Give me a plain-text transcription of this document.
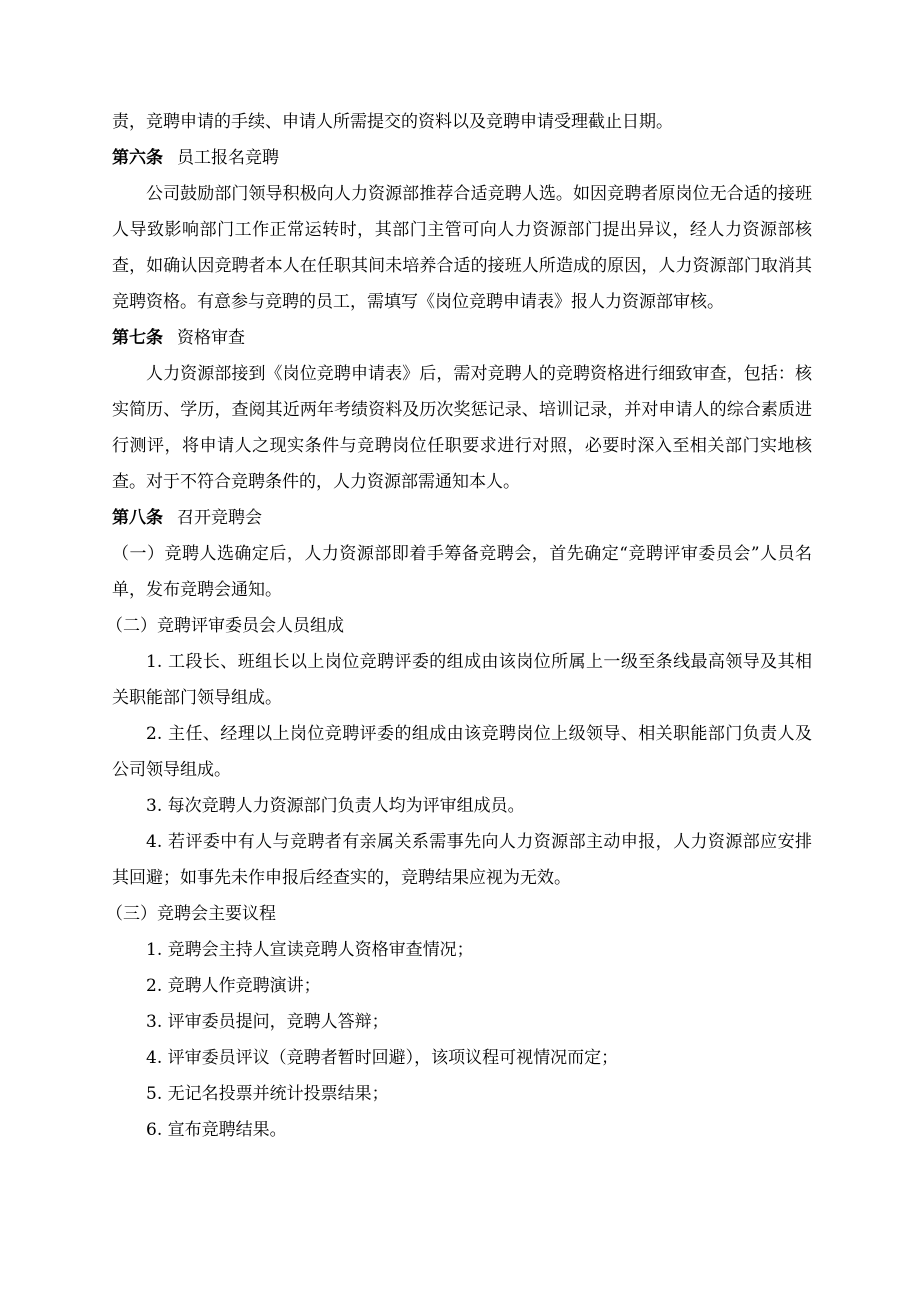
责，竞聘申请的手续、申请人所需提交的资料以及竞聘申请受理截止日期。
第六条 员工报名竞聘
公司鼓励部门领导积极向人力资源部推荐合适竞聘人选。如因竞聘者原岗位无合适的接班人导致影响部门工作正常运转时，其部门主管可向人力资源部门提出异议，经人力资源部核查，如确认因竞聘者本人在任职其间未培养合适的接班人所造成的原因，人力资源部门取消其竞聘资格。有意参与竞聘的员工，需填写《岗位竞聘申请表》报人力资源部审核。
第七条 资格审查
人力资源部接到《岗位竞聘申请表》后，需对竞聘人的竞聘资格进行细致审查，包括：核实简历、学历，查阅其近两年考绩资料及历次奖惩记录、培训记录，并对申请人的综合素质进行测评，将申请人之现实条件与竞聘岗位任职要求进行对照，必要时深入至相关部门实地核查。对于不符合竞聘条件的，人力资源部需通知本人。
第八条 召开竞聘会
（一）竞聘人选确定后，人力资源部即着手筹备竞聘会，首先确定“竞聘评审委员会”人员名单，发布竞聘会通知。
（二）竞聘评审委员会人员组成
1. 工段长、班组长以上岗位竞聘评委的组成由该岗位所属上一级至条线最高领导及其相关职能部门领导组成。
2. 主任、经理以上岗位竞聘评委的组成由该竞聘岗位上级领导、相关职能部门负责人及公司领导组成。
3. 每次竞聘人力资源部门负责人均为评审组成员。
4. 若评委中有人与竞聘者有亲属关系需事先向人力资源部主动申报，人力资源部应安排其回避；如事先未作申报后经查实的，竞聘结果应视为无效。
（三）竞聘会主要议程
1. 竞聘会主持人宣读竞聘人资格审查情况；
2. 竞聘人作竞聘演讲；
3. 评审委员提问，竞聘人答辩；
4. 评审委员评议（竞聘者暂时回避），该项议程可视情况而定；
5. 无记名投票并统计投票结果；
6. 宣布竞聘结果。
